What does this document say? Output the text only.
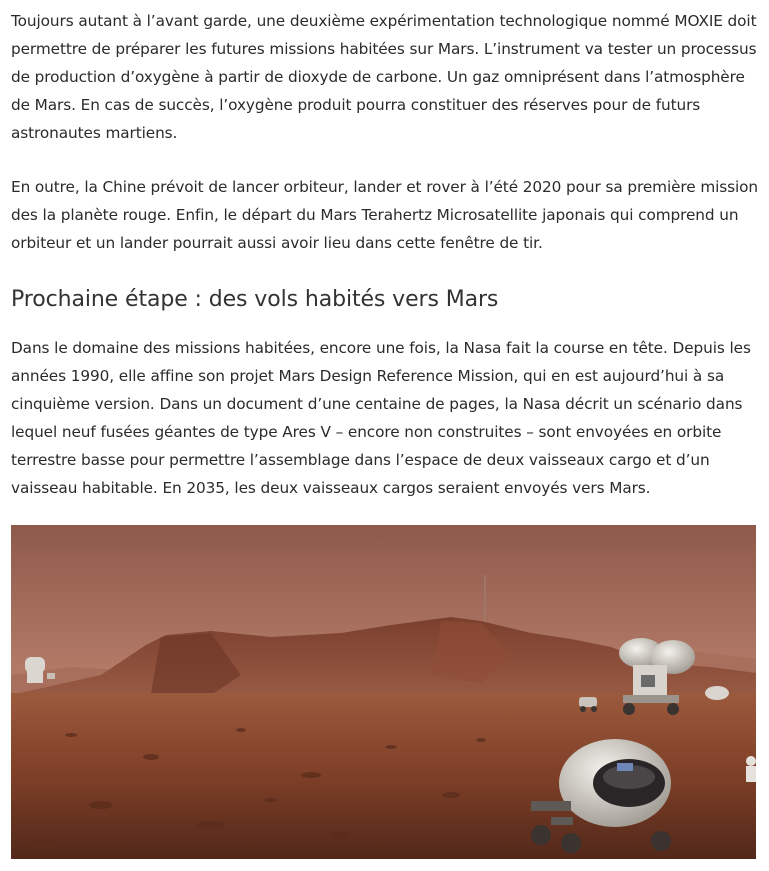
Toujours autant à l’avant garde, une deuxième expérimentation technologique nommé MOXIE doit permettre de préparer les futures missions habitées sur Mars. L’instrument va tester un processus de production d’oxygène à partir de dioxyde de carbone. Un gaz omniprésent dans l’atmosphère de Mars. En cas de succès, l’oxygène produit pourra constituer des réserves pour de futurs astronautes martiens.

En outre, la Chine prévoit de lancer orbiteur, lander et rover à l’été 2020 pour sa première mission des la planète rouge. Enfin, le départ du Mars Terahertz Microsatellite japonais qui comprend un orbiteur et un lander pourrait aussi avoir lieu dans cette fenêtre de tir.

Prochaine étape : des vols habités vers Mars

Dans le domaine des missions habitées, encore une fois, la Nasa fait la course en tête. Depuis les années 1990, elle affine son projet Mars Design Reference Mission, qui en est aujourd’hui à sa cinquième version. Dans un document d’une centaine de pages, la Nasa décrit un scénario dans lequel neuf fusées géantes de type Ares V – encore non construites – sont envoyées en orbite terrestre basse pour permettre l’assemblage dans l’espace de deux vaisseaux cargo et d’un vaisseau habitable. En 2035, les deux vaisseaux cargos seraient envoyés vers Mars.
